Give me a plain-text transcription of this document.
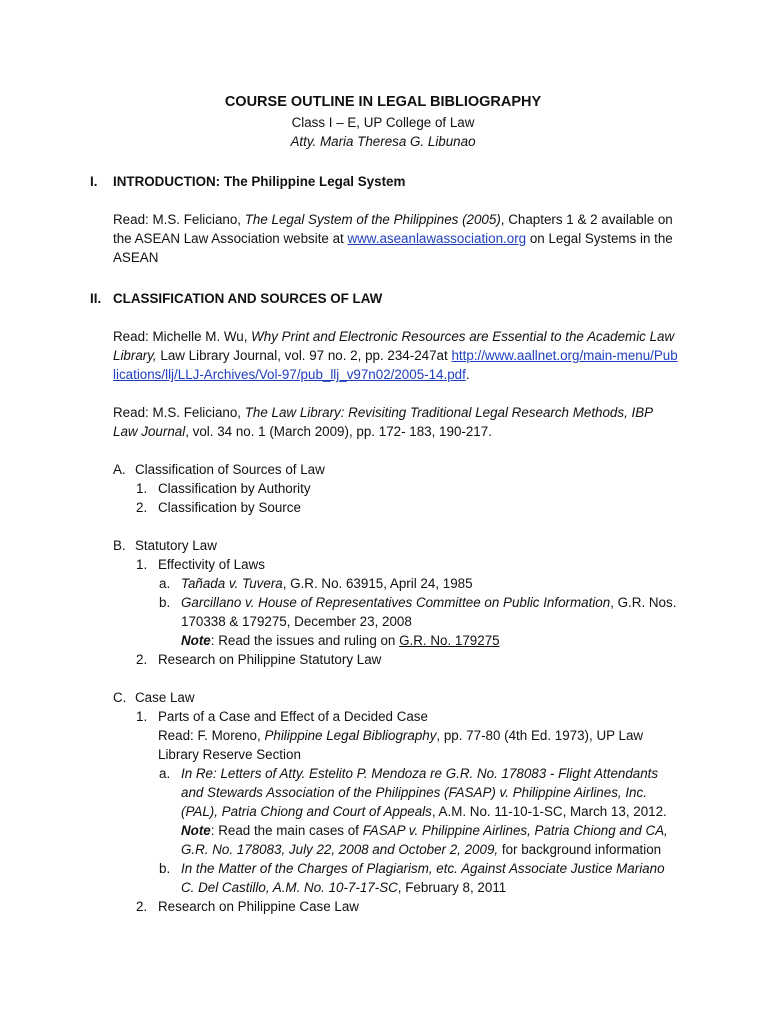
COURSE OUTLINE IN LEGAL BIBLIOGRAPHY

Class I – E, UP College of Law

Atty. Maria Theresa G. Libunao

I. INTRODUCTION: The Philippine Legal System

Read: M.S. Feliciano, The Legal System of the Philippines (2005), Chapters 1 & 2 available on the ASEAN Law Association website at www.aseanlawassociation.org on Legal Systems in the ASEAN

II. CLASSIFICATION AND SOURCES OF LAW

Read: Michelle M. Wu, Why Print and Electronic Resources are Essential to the Academic Law Library, Law Library Journal, vol. 97 no. 2, pp. 234-247at http://www.aallnet.org/main-menu/Publications/llj/LLJ-Archives/Vol-97/pub_llj_v97n02/2005-14.pdf.

Read: M.S. Feliciano, The Law Library: Revisiting Traditional Legal Research Methods, IBP Law Journal, vol. 34 no. 1 (March 2009), pp. 172- 183, 190-217.

A. Classification of Sources of Law
1. Classification by Authority
2. Classification by Source
B. Statutory Law
1. Effectivity of Laws
a. Tañada v. Tuvera, G.R. No. 63915, April 24, 1985
b. Garcillano v. House of Representatives Committee on Public Information, G.R. Nos. 170338 & 179275, December 23, 2008
Note: Read the issues and ruling on G.R. No. 179275
2. Research on Philippine Statutory Law
C. Case Law
1. Parts of a Case and Effect of a Decided Case
Read: F. Moreno, Philippine Legal Bibliography, pp. 77-80 (4th Ed. 1973), UP Law Library Reserve Section
a. In Re: Letters of Atty. Estelito P. Mendoza re G.R. No. 178083 - Flight Attendants and Stewards Association of the Philippines (FASAP) v. Philippine Airlines, Inc. (PAL), Patria Chiong and Court of Appeals, A.M. No. 11-10-1-SC, March 13, 2012.
Note: Read the main cases of FASAP v. Philippine Airlines, Patria Chiong and CA, G.R. No. 178083, July 22, 2008 and October 2, 2009, for background information
b. In the Matter of the Charges of Plagiarism, etc. Against Associate Justice Mariano C. Del Castillo, A.M. No. 10-7-17-SC, February 8, 2011
2. Research on Philippine Case Law
